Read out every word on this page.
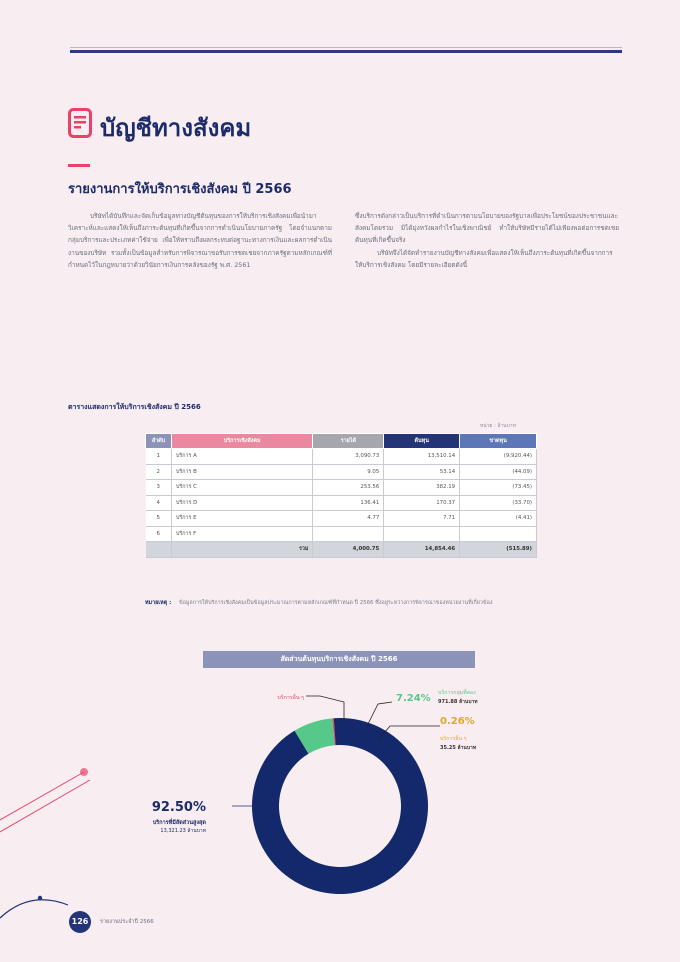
บัญชีทางสังคม
รายงานการให้บริการเชิงสังคม ปี 2566

บริษัทได้บันทึกและจัดเก็บข้อมูลทางบัญชีต้นทุนของการให้บริการเชิงสังคมเพื่อนำมาวิเคราะห์และแสดงให้เห็นถึงภาระต้นทุนที่เกิดขึ้นจากการดำเนินนโยบายภาครัฐ โดยจำแนกตามกลุ่มบริการและประเภทค่าใช้จ่าย เพื่อให้ทราบถึงผลกระทบต่อฐานะทางการเงินและผลการดำเนินงานของบริษัท รวมทั้งเป็นข้อมูลสำหรับการพิจารณาขอรับการชดเชยจากภาครัฐตามหลักเกณฑ์ที่กำหนดไว้ในกฎหมายว่าด้วยวินัยการเงินการคลังของรัฐ พ.ศ. 2561

ซึ่งบริการดังกล่าวเป็นบริการที่ดำเนินการตามนโยบายของรัฐบาลเพื่อประโยชน์ของประชาชนและสังคมโดยรวม มิได้มุ่งหวังผลกำไรในเชิงพาณิชย์ ทำให้บริษัทมีรายได้ไม่เพียงพอต่อการชดเชยต้นทุนที่เกิดขึ้นจริง

บริษัทจึงได้จัดทำรายงานบัญชีทางสังคมเพื่อแสดงให้เห็นถึงภาระต้นทุนที่เกิดขึ้นจากการให้บริการเชิงสังคม โดยมีรายละเอียดดังนี้

ตารางแสดงการให้บริการเชิงสังคม ปี 2566
หน่วย : ล้านบาท
ลำดับ	บริการเชิงสังคม	รายได้	ต้นทุน	ขาดทุน
1	บริการ A	3,090.73	13,510.14	(9,920.44)
2	บริการ B	9.05	53.14	(44.09)
3	บริการ C	253.56	382.19	(73.45)
4	บริการ D	136.41	170.37	(33.70)
5	บริการ E	4.77	7.71	(4.41)
6	บริการ F			
	รวม	4,000.75	14,854.46	(515.89)
หมายเหตุ : ข้อมูลการให้บริการเชิงสังคมเป็นข้อมูลประมาณการตามหลักเกณฑ์ที่กำหนด ปี 2566 ซึ่งอยู่ระหว่างการพิจารณาของหน่วยงานที่เกี่ยวข้อง
สัดส่วนต้นทุนบริการเชิงสังคม ปี 2566
92.50%
บริการที่มีสัดส่วนสูงสุด
13,321.23 ล้านบาท
บริการอื่น ๆ	7.24% บริการกลุ่มที่สอง
971.88 ล้านบาท
0.26%
บริการอื่น ๆ
35.25 ล้านบาท
126	รายงานประจำปี 2566
